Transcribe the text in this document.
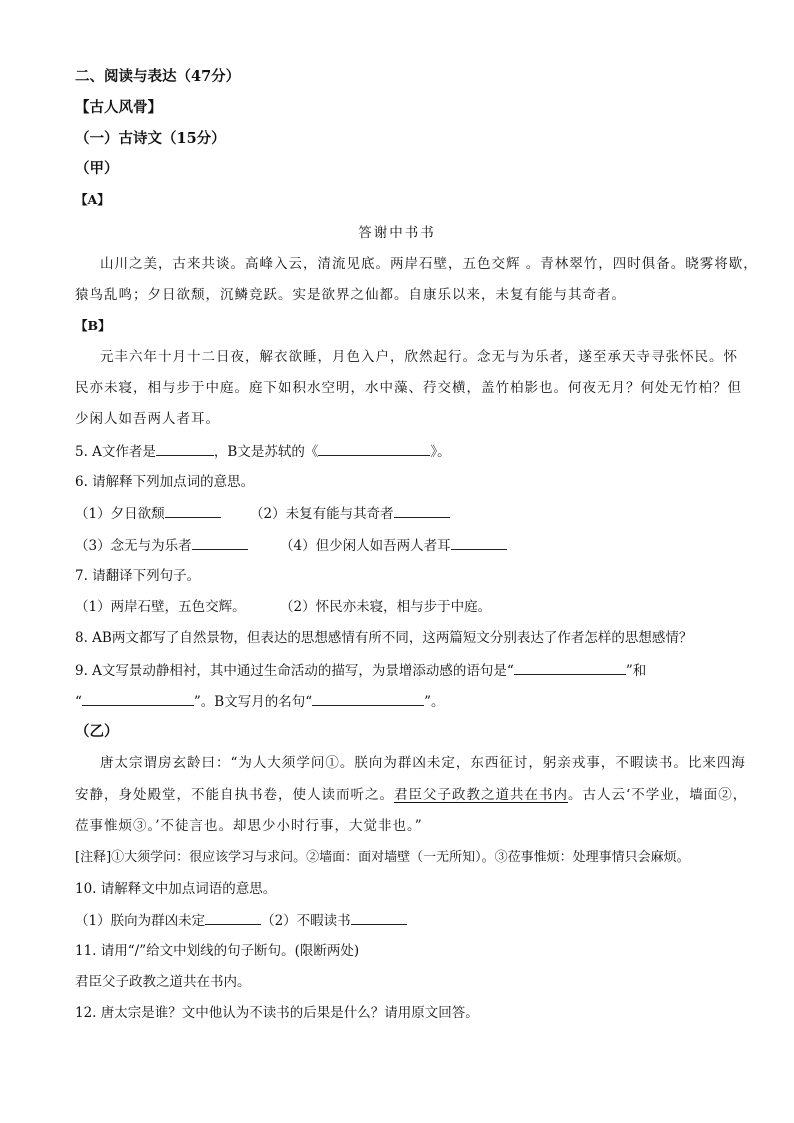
二、阅读与表达（47分）
【古人风骨】
（一）古诗文（15分）
（甲）
【A】
答谢中书书
山川之美，古来共谈。高峰入云，清流见底。两岸石壁，五色交辉 。青林翠竹，四时俱备。晓雾将歇，
猿鸟乱鸣；夕日欲颓，沉鳞竞跃。实是欲界之仙都。自康乐以来，未复有能与其奇者。
【B】
元丰六年十月十二日夜，解衣欲睡，月色入户，欣然起行。念无与为乐者，遂至承天寺寻张怀民。怀
民亦未寝，相与步于中庭。庭下如积水空明，水中藻、荇交横，盖竹柏影也。何夜无月？何处无竹柏？但
少闲人如吾两人者耳。
5. A文作者是	，B文是苏轼的《	》。
6. 请解释下列加点词的意思。
（1）夕日欲颓	（2）未复有能与其奇者
（3）念无与为乐者	（4）但少闲人如吾两人者耳
7. 请翻译下列句子。
（1）两岸石壁，五色交辉。	（2）怀民亦未寝，相与步于中庭。
8. AB两文都写了自然景物，但表达的思想感情有所不同，这两篇短文分别表达了作者怎样的思想感情？
9. A文写景动静相衬，其中通过生命活动的描写，为景增添动感的语句是“	”和
“	”。B文写月的名句“	”。
（乙）
唐太宗谓房玄龄曰：“为人大须学问①。朕向为群凶未定，东西征讨，躬亲戎事，不暇读书。比来四海
安静，身处殿堂，不能自执书卷，使人读而听之。君臣父子政教之道共在书内。古人云‘不学业，墙面②，
莅事惟烦③。’不徒言也。却思少小时行事，大觉非也。”
[注释]①大须学问：很应该学习与求问。②墙面：面对墙壁（一无所知）。③莅事惟烦：处理事情只会麻烦。
10. 请解释文中加点词语的意思。
（1）朕向为群凶未定	（2）不暇读书
11. 请用“/”给文中划线的句子断句。(限断两处)
君臣父子政教之道共在书内。
12. 唐太宗是谁？文中他认为不读书的后果是什么？请用原文回答。
